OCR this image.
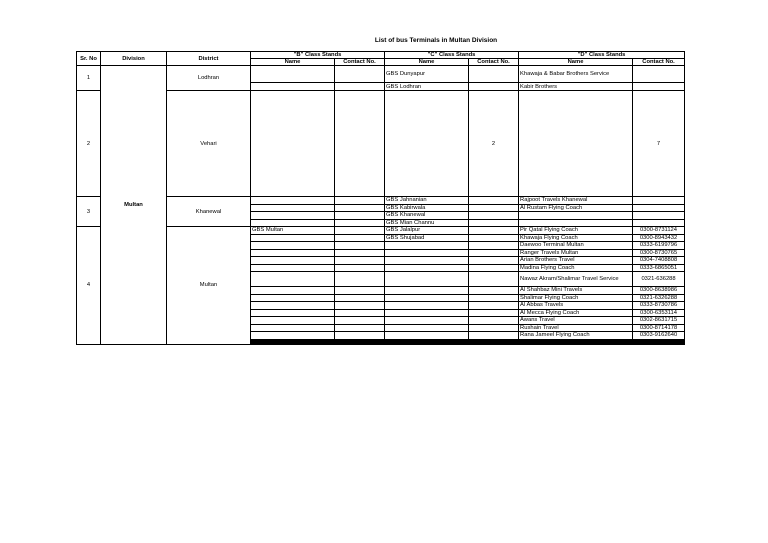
List of bus Terminals in Multan Division
Sr. No	Division	District	"B" Class Stands		"C" Class Stands		"D" Class Stands	
			Name	Contact No.	Name	Contact No.	Name	Contact No.
1	Multan	Lodhran			GBS Dunyapur		Khawaja & Babar Brothers Service	
					GBS Lodhran		Kabir Brothers	
2		Vehari				2		7
3		Khanewal			GBS Jahnanian		Rajpoot Travels Khanewal	
					GBS Kabirwala		Al Rustam Flying Coach	
					GBS Khanewal			
					GBS Mian Channu			
4		Multan	GBS Multan		GBS Jalalpur		Pir Qatal Flying Coach	0300-8731124
					GBS Shujabad		Khawaja Flying Coach	0300-8943432
							Daewoo Terminal Multan	0333-6199796
							Ranger Travels Multan	0300-8730765
							Arian Brothers Travel	0304-7408808
							Madina Flying Coach	0333-6865051
							Nawaz Akram/Shalimar Travel Service	0321-636288
							Al Shahbaz Mini Travels	0300-8638986
							Shalimar Flying Coach	0321-6326288
							Al Abbas Travels	0333-8730786
							Al Mecca Flying Coach	0300-6353114
							Awans Travel	0302-8631715
							Rushain Travel	0300-8714178
							Rana Jameel Flying Coach	0303-9162640
